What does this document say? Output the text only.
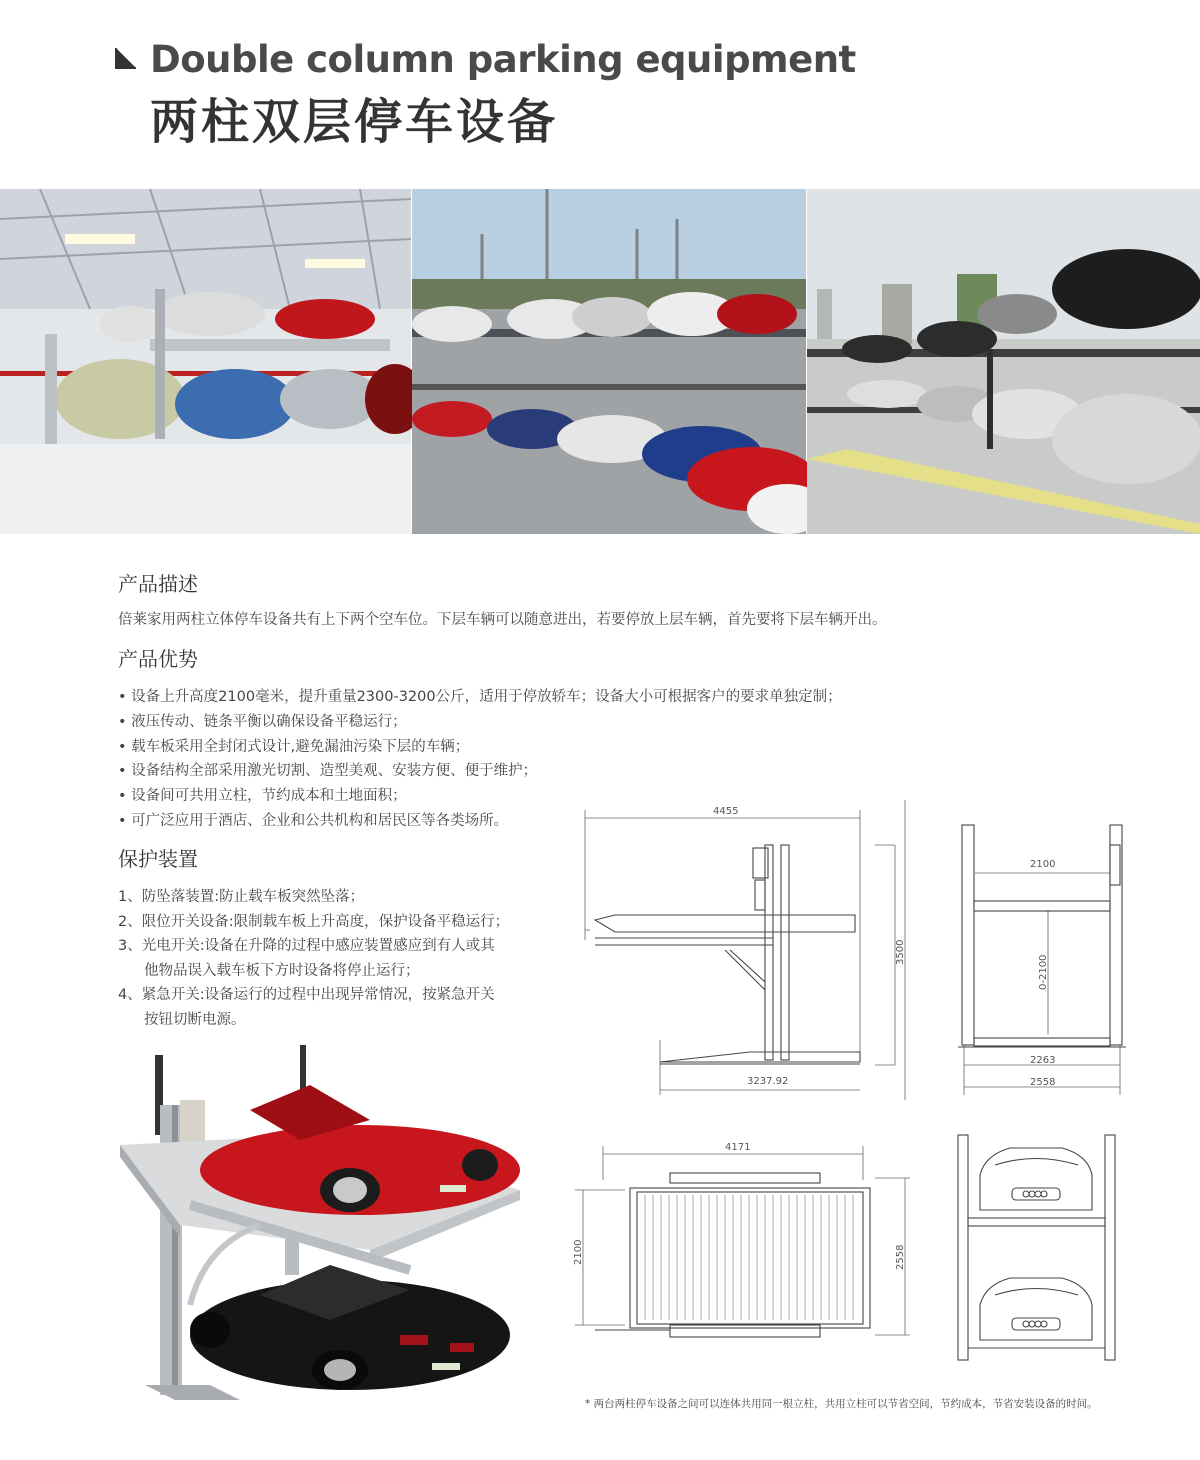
Double column parking equipment
两柱双层停车设备
产品描述
倍莱家用两柱立体停车设备共有上下两个空车位。下层车辆可以随意进出，若要停放上层车辆，首先要将下层车辆开出。
产品优势
• 设备上升高度2100毫米，提升重量2300-3200公斤，适用于停放轿车；设备大小可根据客户的要求单独定制；
• 液压传动、链条平衡以确保设备平稳运行；
• 载车板采用全封闭式设计,避免漏油污染下层的车辆；
• 设备结构全部采用激光切割、造型美观、安装方便、便于维护；
• 设备间可共用立柱，节约成本和土地面积；
• 可广泛应用于酒店、企业和公共机构和居民区等各类场所。
保护装置
1、防坠落装置:防止载车板突然坠落；
2、限位开关设备:限制载车板上升高度，保护设备平稳运行；
3、光电开关:设备在升降的过程中感应装置感应到有人或其
他物品误入载车板下方时设备将停止运行；
4、紧急开关:设备运行的过程中出现异常情况，按紧急开关
按钮切断电源。
4455
3237.92
3500
2100
0-2100
2263
2558
4171
2100	2558
* 两台两柱停车设备之间可以连体共用同一根立柱，共用立柱可以节省空间，节约成本，节省安装设备的时间。
